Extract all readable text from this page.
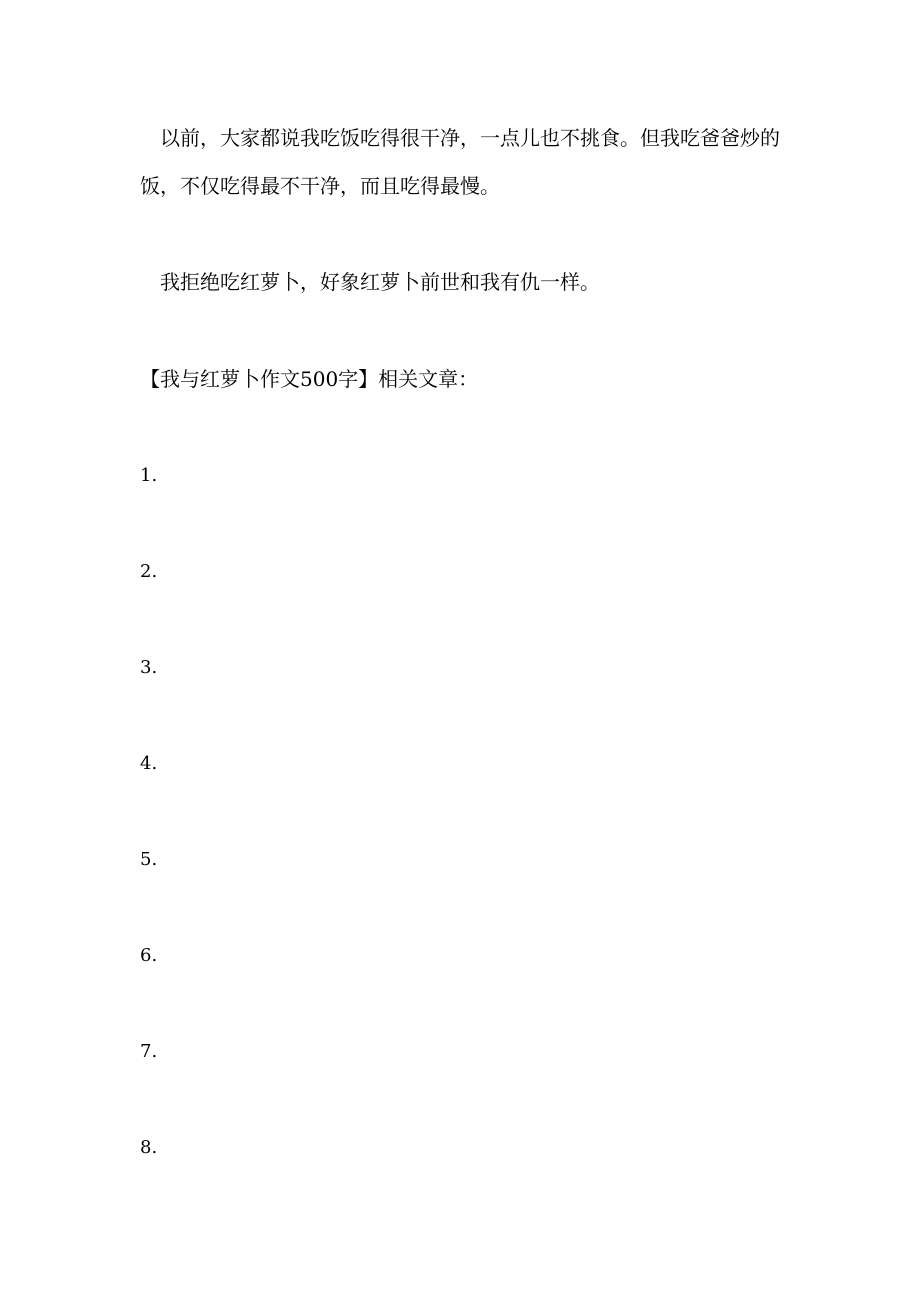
以前，大家都说我吃饭吃得很干净，一点儿也不挑食。但我吃爸爸炒的饭，不仅吃得最不干净，而且吃得最慢。

我拒绝吃红萝卜，好象红萝卜前世和我有仇一样。

【我与红萝卜作文500字】相关文章：

1.
2.
3.
4.
5.
6.
7.
8.
